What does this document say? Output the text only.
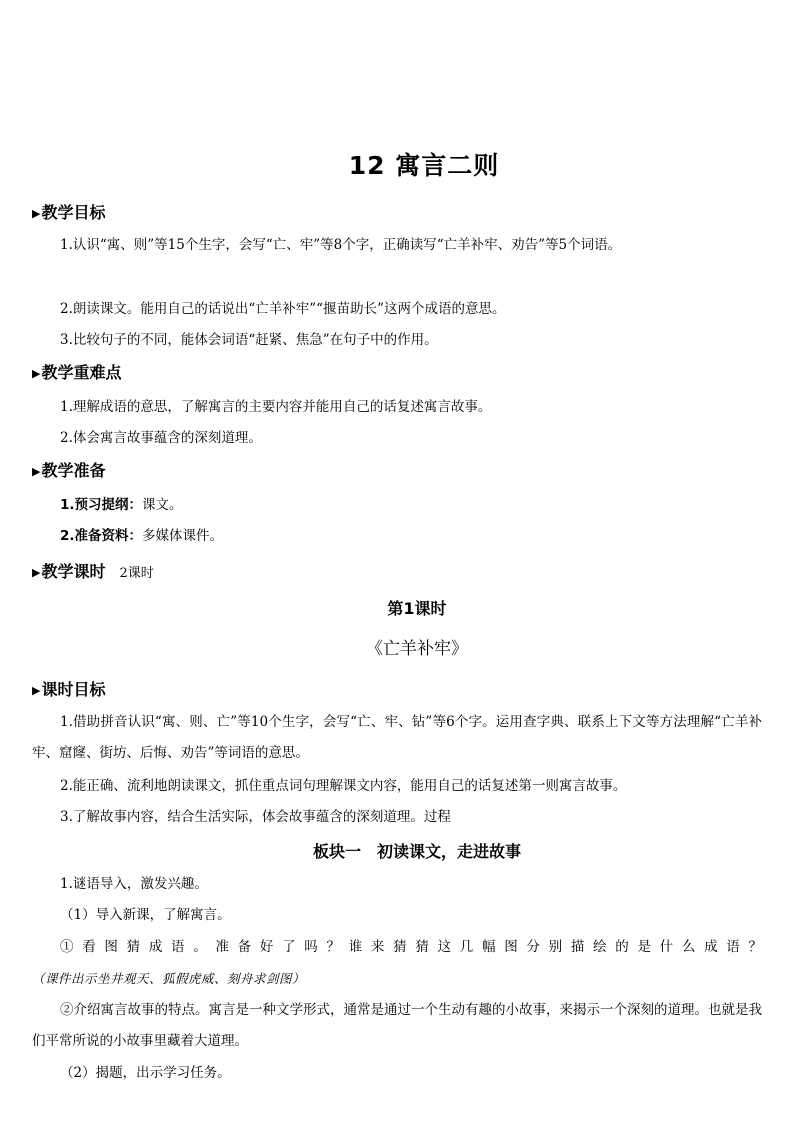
12 寓言二则
▶教学目标
1.认识“寓、则”等15个生字，会写“亡、牢”等8个字，正确读写“亡羊补牢、劝告”等5个词语。
2.朗读课文。能用自己的话说出“亡羊补牢”“揠苗助长”这两个成语的意思。
3.比较句子的不同，能体会词语“赶紧、焦急”在句子中的作用。
▶教学重难点
1.理解成语的意思，了解寓言的主要内容并能用自己的话复述寓言故事。
2.体会寓言故事蕴含的深刻道理。
▶教学准备
1.预习提纲：课文。
2.准备资料：多媒体课件。
▶教学课时 2课时
第1课时
《亡羊补牢》
▶课时目标
1.借助拼音认识“寓、则、亡”等10个生字，会写“亡、牢、钻”等6个字。运用查字典、联系上下文等方法理解“亡羊补牢、窟窿、街坊、后悔、劝告”等词语的意思。
2.能正确、流利地朗读课文，抓住重点词句理解课文内容，能用自己的话复述第一则寓言故事。
3.了解故事内容，结合生活实际，体会故事蕴含的深刻道理。过程
板块一　初读课文，走进故事
1.谜语导入，激发兴趣。
（1）导入新课，了解寓言。
①看图猜成语。准备好了吗？谁来猜猜这几幅图分别描绘的是什么成语？（课件出示坐井观天、狐假虎威、刻舟求剑图）
②介绍寓言故事的特点。寓言是一种文学形式，通常是通过一个生动有趣的小故事，来揭示一个深刻的道理。也就是我们平常所说的小故事里藏着大道理。
（2）揭题，出示学习任务。
